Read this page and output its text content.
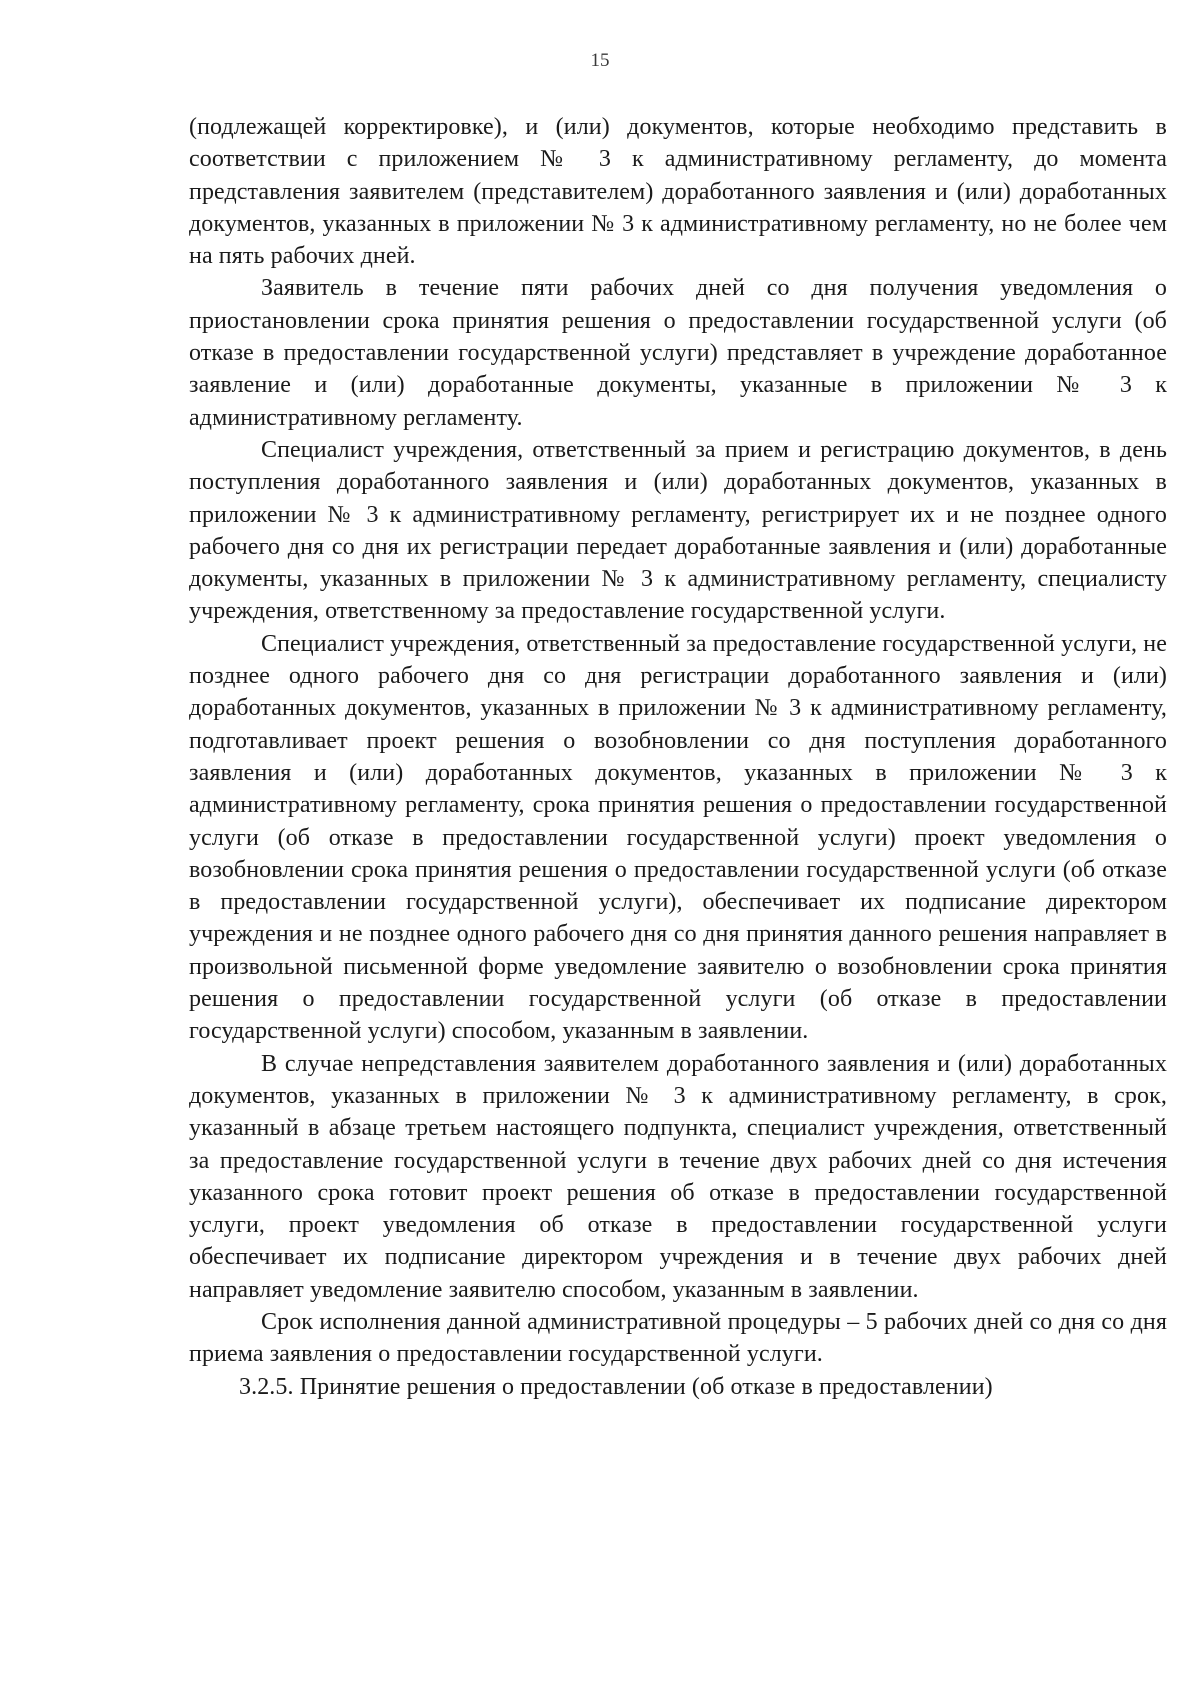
15

(подлежащей корректировке), и (или) документов, которые необходимо представить в соответствии с приложением № 3 к административному регламенту, до момента представления заявителем (представителем) доработанного заявления и (или) доработанных документов, указанных в приложении № 3 к административному регламенту, но не более чем на пять рабочих дней.

Заявитель в течение пяти рабочих дней со дня получения уведомления о приостановлении срока принятия решения о предоставлении государственной услуги (об отказе в предоставлении государственной услуги) представляет в учреждение доработанное заявление и (или) доработанные документы, указанные в приложении № 3 к административному регламенту.

Специалист учреждения, ответственный за прием и регистрацию документов, в день поступления доработанного заявления и (или) доработанных документов, указанных в приложении № 3 к административному регламенту, регистрирует их и не позднее одного рабочего дня со дня их регистрации передает доработанные заявления и (или) доработанные документы, указанных в приложении № 3 к административному регламенту, специалисту учреждения, ответственному за предоставление государственной услуги.

Специалист учреждения, ответственный за предоставление государственной услуги, не позднее одного рабочего дня со дня регистрации доработанного заявления и (или) доработанных документов, указанных в приложении № 3 к административному регламенту, подготавливает проект решения о возобновлении со дня поступления доработанного заявления и (или) доработанных документов, указанных в приложении № 3 к административному регламенту, срока принятия решения о предоставлении государственной услуги (об отказе в предоставлении государственной услуги) проект уведомления о возобновлении срока принятия решения о предоставлении государственной услуги (об отказе в предоставлении государственной услуги), обеспечивает их подписание директором учреждения и не позднее одного рабочего дня со дня принятия данного решения направляет в произвольной письменной форме уведомление заявителю о возобновлении срока принятия решения о предоставлении государственной услуги (об отказе в предоставлении государственной услуги) способом, указанным в заявлении.

В случае непредставления заявителем доработанного заявления и (или) доработанных документов, указанных в приложении № 3 к административному регламенту, в срок, указанный в абзаце третьем настоящего подпункта, специалист учреждения, ответственный за предоставление государственной услуги в течение двух рабочих дней со дня истечения указанного срока готовит проект решения об отказе в предоставлении государственной услуги, проект уведомления об отказе в предоставлении государственной услуги обеспечивает их подписание директором учреждения и в течение двух рабочих дней направляет уведомление заявителю способом, указанным в заявлении.

Срок исполнения данной административной процедуры – 5 рабочих дней со дня со дня приема заявления о предоставлении государственной услуги.

3.2.5. Принятие решения о предоставлении (об отказе в предоставлении)
